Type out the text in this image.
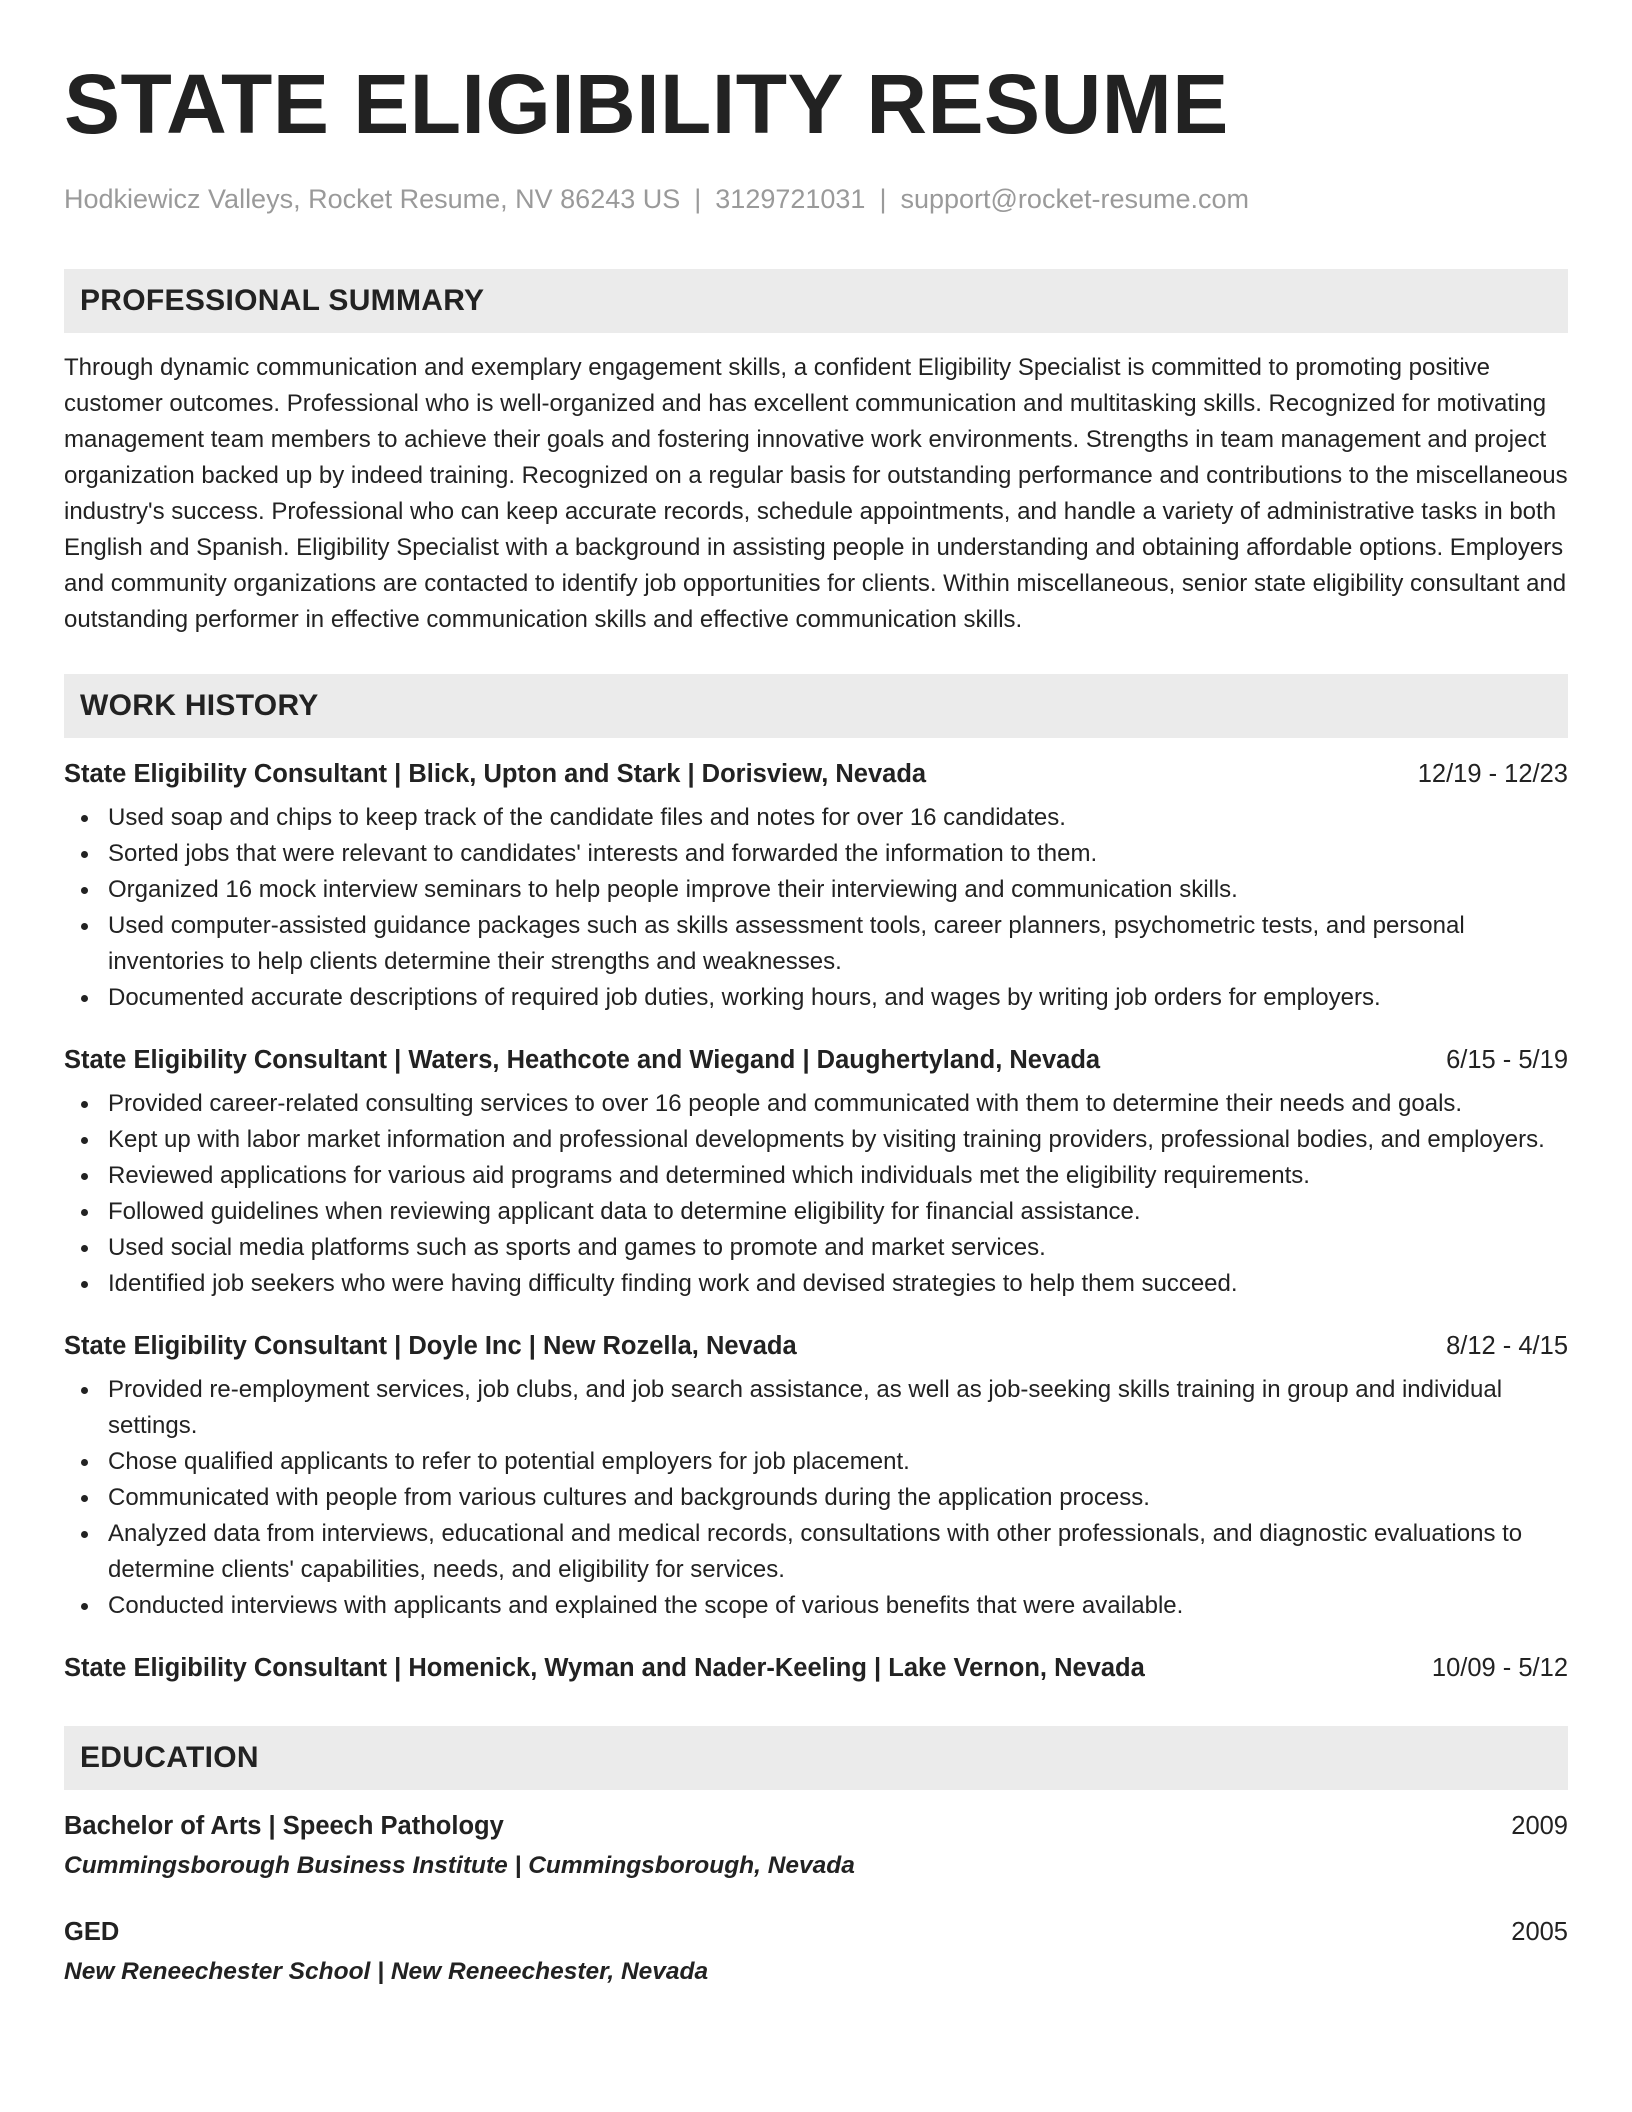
STATE ELIGIBILITY RESUME
Hodkiewicz Valleys, Rocket Resume, NV 86243 US | 3129721031 | support@rocket-resume.com
PROFESSIONAL SUMMARY

Through dynamic communication and exemplary engagement skills, a confident Eligibility Specialist is committed to promoting positive customer outcomes. Professional who is well-organized and has excellent communication and multitasking skills. Recognized for motivating management team members to achieve their goals and fostering innovative work environments. Strengths in team management and project organization backed up by indeed training. Recognized on a regular basis for outstanding performance and contributions to the miscellaneous industry's success. Professional who can keep accurate records, schedule appointments, and handle a variety of administrative tasks in both English and Spanish. Eligibility Specialist with a background in assisting people in understanding and obtaining affordable options. Employers and community organizations are contacted to identify job opportunities for clients. Within miscellaneous, senior state eligibility consultant and outstanding performer in effective communication skills and effective communication skills.

WORK HISTORY
State Eligibility Consultant | Blick, Upton and Stark | Dorisview, Nevada	12/19 - 12/23
Used soap and chips to keep track of the candidate files and notes for over 16 candidates.
Sorted jobs that were relevant to candidates' interests and forwarded the information to them.
Organized 16 mock interview seminars to help people improve their interviewing and communication skills.
Used computer-assisted guidance packages such as skills assessment tools, career planners, psychometric tests, and personal inventories to help clients determine their strengths and weaknesses.
Documented accurate descriptions of required job duties, working hours, and wages by writing job orders for employers.
State Eligibility Consultant | Waters, Heathcote and Wiegand | Daughertyland, Nevada	6/15 - 5/19
Provided career-related consulting services to over 16 people and communicated with them to determine their needs and goals.
Kept up with labor market information and professional developments by visiting training providers, professional bodies, and employers.
Reviewed applications for various aid programs and determined which individuals met the eligibility requirements.
Followed guidelines when reviewing applicant data to determine eligibility for financial assistance.
Used social media platforms such as sports and games to promote and market services.
Identified job seekers who were having difficulty finding work and devised strategies to help them succeed.
State Eligibility Consultant | Doyle Inc | New Rozella, Nevada	8/12 - 4/15
Provided re-employment services, job clubs, and job search assistance, as well as job-seeking skills training in group and individual settings.
Chose qualified applicants to refer to potential employers for job placement.
Communicated with people from various cultures and backgrounds during the application process.
Analyzed data from interviews, educational and medical records, consultations with other professionals, and diagnostic evaluations to determine clients' capabilities, needs, and eligibility for services.
Conducted interviews with applicants and explained the scope of various benefits that were available.
State Eligibility Consultant | Homenick, Wyman and Nader-Keeling | Lake Vernon, Nevada	10/09 - 5/12
EDUCATION
Bachelor of Arts | Speech Pathology	2009
Cummingsborough Business Institute | Cummingsborough, Nevada
GED	2005
New Reneechester School | New Reneechester, Nevada
